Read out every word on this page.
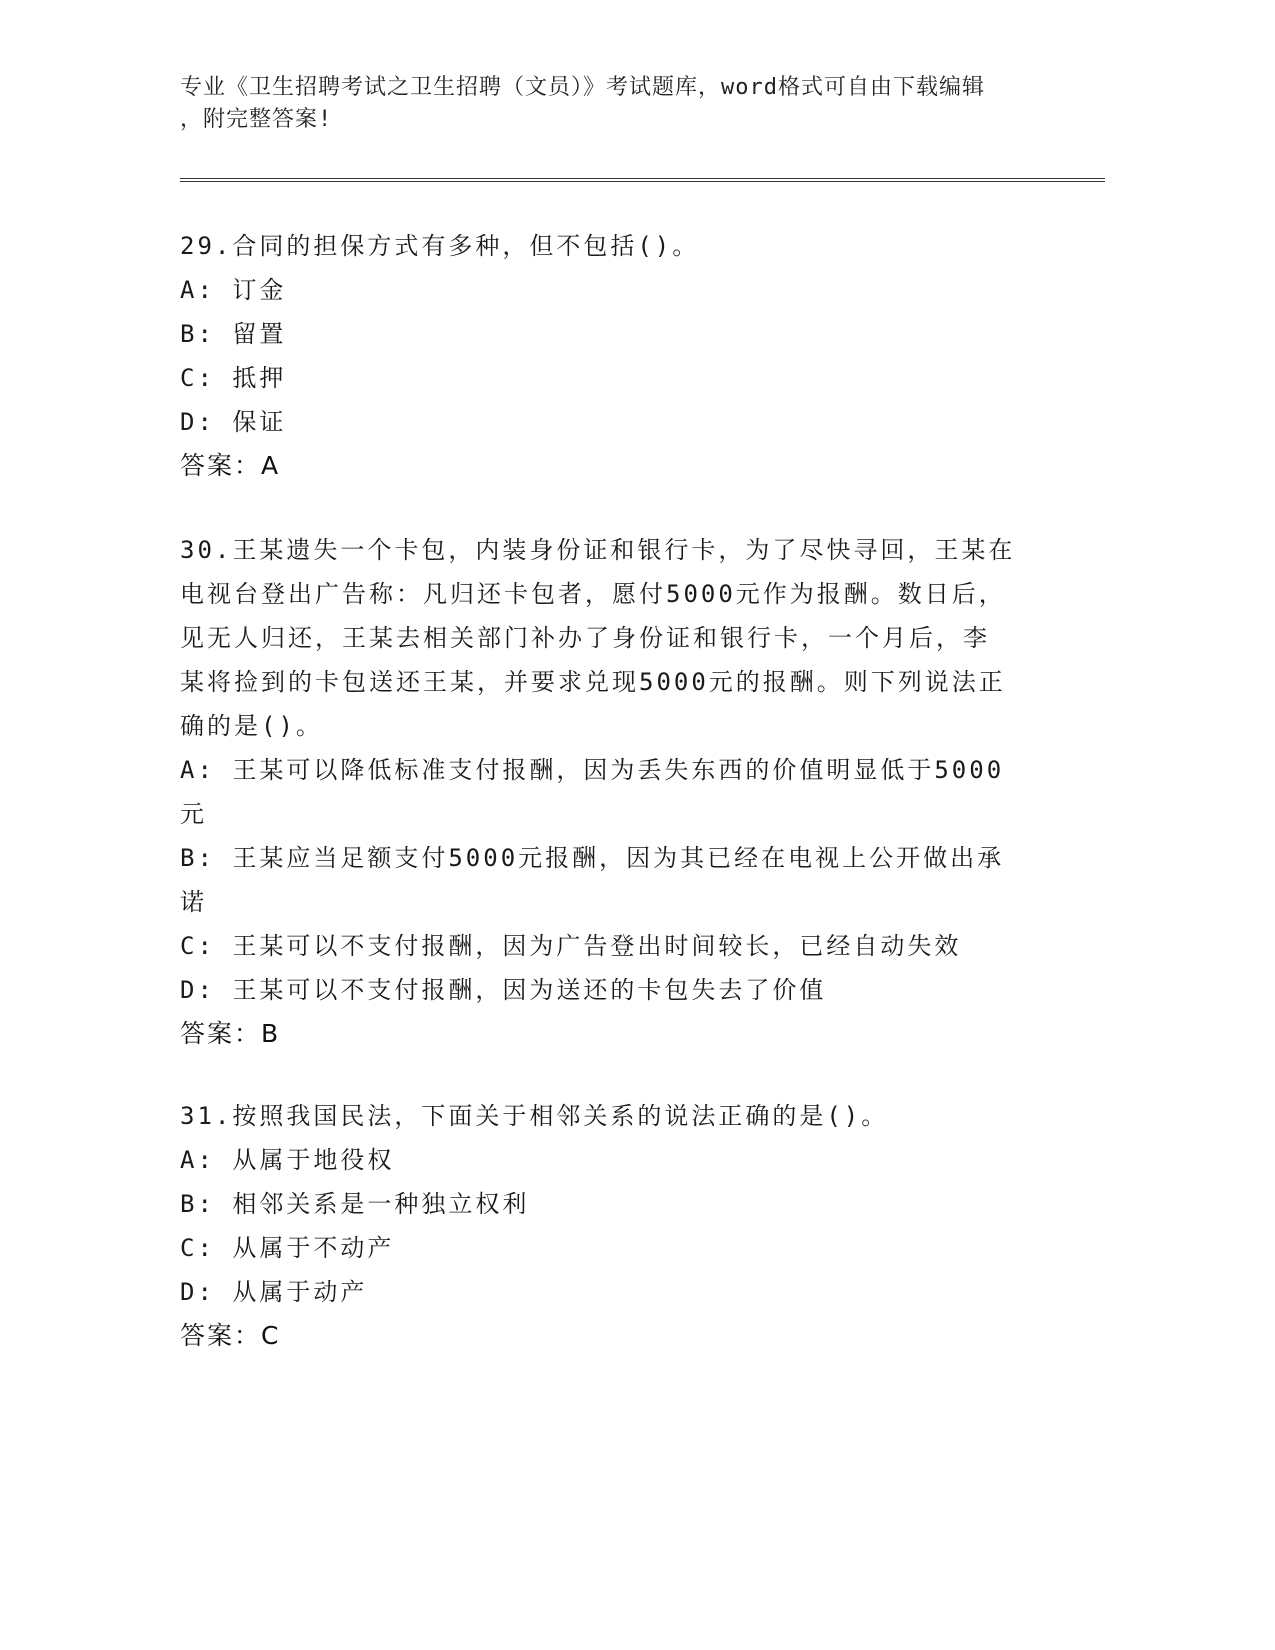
专业《卫生招聘考试之卫生招聘（文员）》考试题库，word格式可自由下载编辑
，附完整答案!
29.合同的担保方式有多种，但不包括()。
A: 订金
B: 留置
C: 抵押
D: 保证
答案：A
30.王某遗失一个卡包，内装身份证和银行卡，为了尽快寻回，王某在
电视台登出广告称：凡归还卡包者，愿付5000元作为报酬。数日后，
见无人归还，王某去相关部门补办了身份证和银行卡，一个月后，李
某将捡到的卡包送还王某，并要求兑现5000元的报酬。则下列说法正
确的是()。
A: 王某可以降低标准支付报酬，因为丢失东西的价值明显低于5000
元
B: 王某应当足额支付5000元报酬，因为其已经在电视上公开做出承
诺
C: 王某可以不支付报酬，因为广告登出时间较长，已经自动失效
D: 王某可以不支付报酬，因为送还的卡包失去了价值
答案：B
31.按照我国民法，下面关于相邻关系的说法正确的是()。
A: 从属于地役权
B: 相邻关系是一种独立权利
C: 从属于不动产
D: 从属于动产
答案：C
